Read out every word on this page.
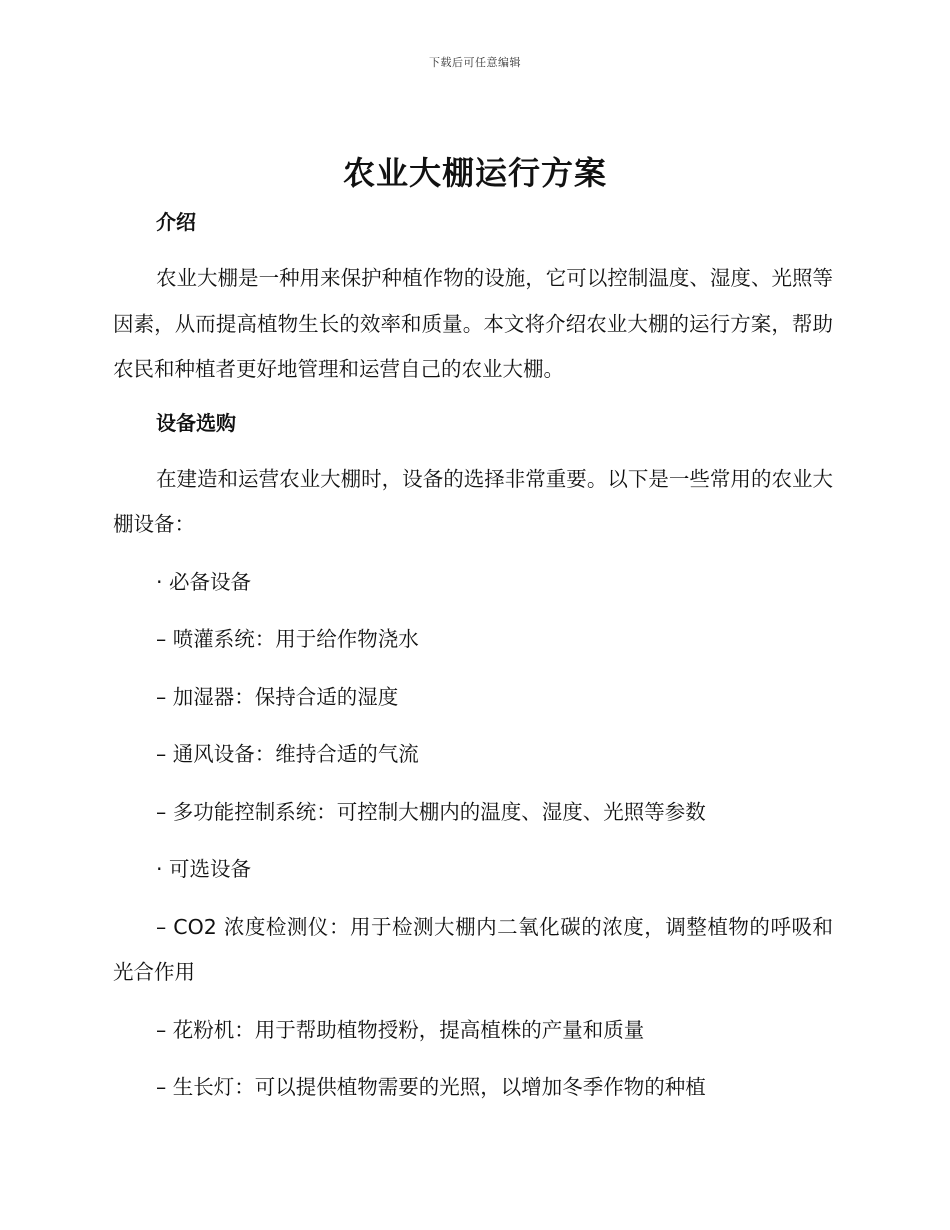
下载后可任意编辑
农业大棚运行方案
介绍

农业大棚是一种用来保护种植作物的设施，它可以控制温度、湿度、光照等因素，从而提高植物生长的效率和质量。本文将介绍农业大棚的运行方案，帮助农民和种植者更好地管理和运营自己的农业大棚。

设备选购

在建造和运营农业大棚时，设备的选择非常重要。以下是一些常用的农业大棚设备：

· 必备设备
– 喷灌系统：用于给作物浇水
– 加湿器：保持合适的湿度
– 通风设备：维持合适的气流
– 多功能控制系统：可控制大棚内的温度、湿度、光照等参数
· 可选设备

– CO2 浓度检测仪：用于检测大棚内二氧化碳的浓度，调整植物的呼吸和光合作用

– 花粉机：用于帮助植物授粉，提高植株的产量和质量
– 生长灯：可以提供植物需要的光照，以增加冬季作物的种植
